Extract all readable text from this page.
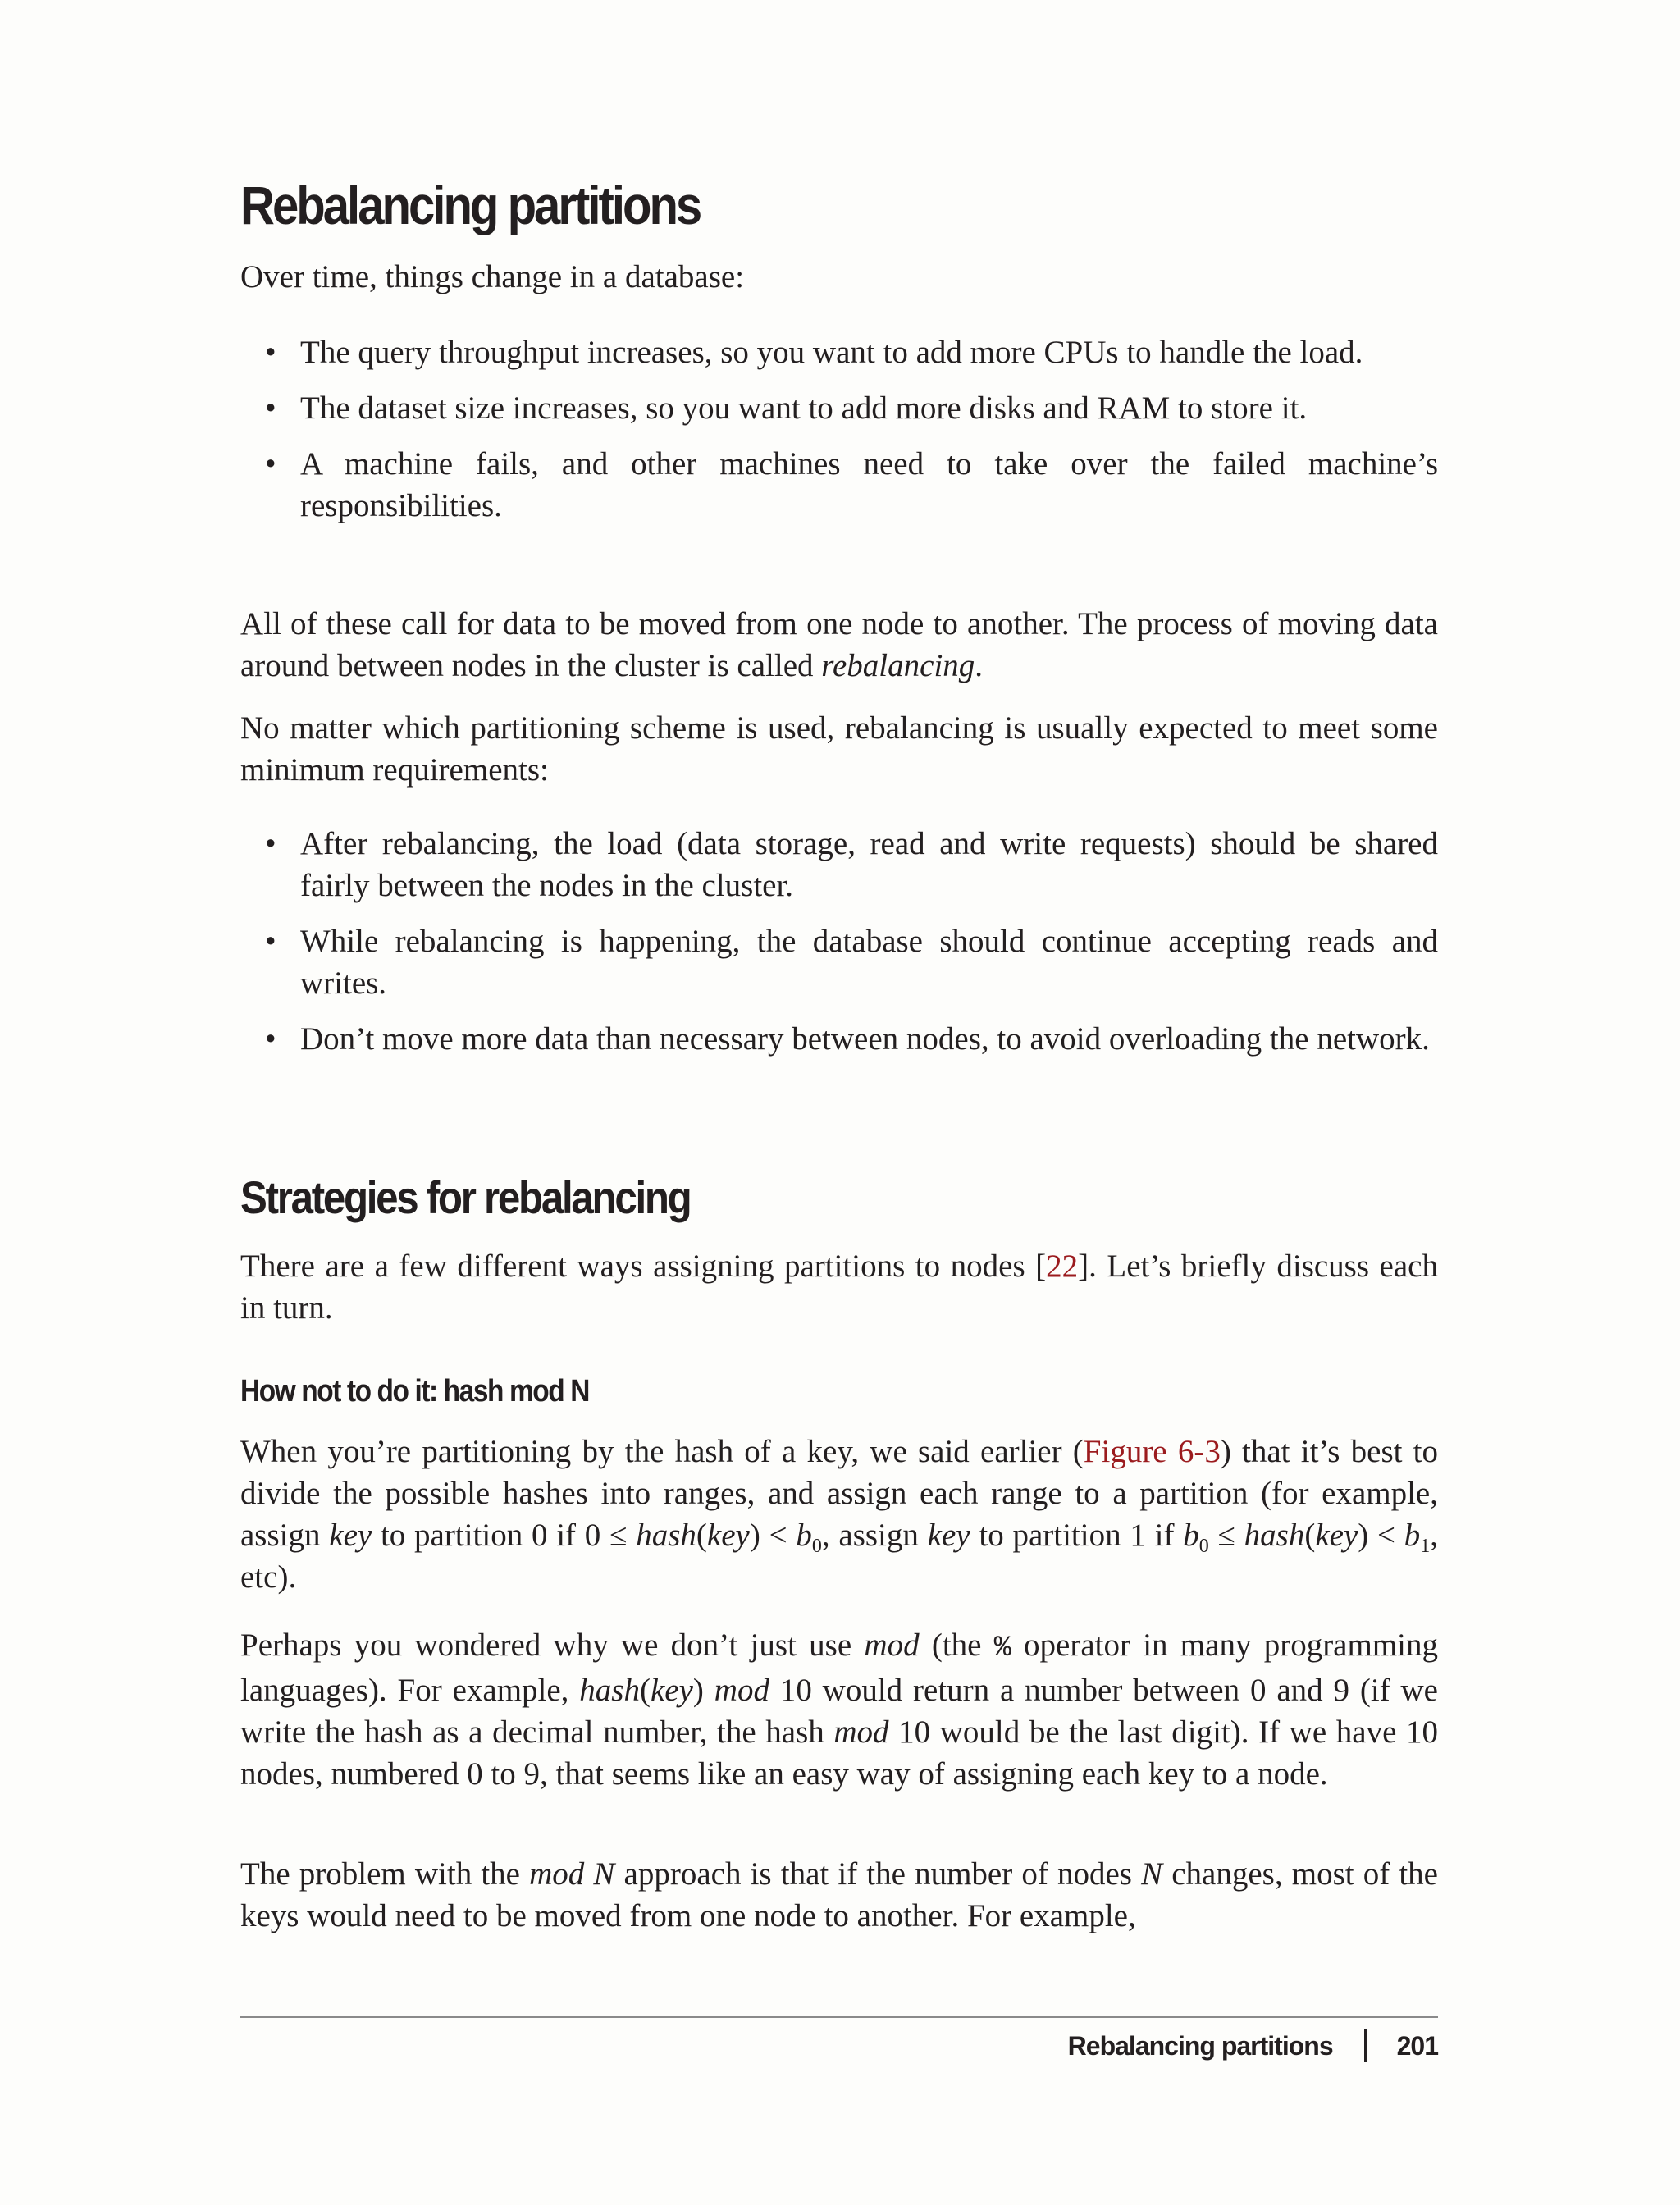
Rebalancing partitions

Over time, things change in a database:

• The query throughput increases, so you want to add more CPUs to handle the load.
• The dataset size increases, so you want to add more disks and RAM to store it.
• A machine fails, and other machines need to take over the failed machine’s responsibilities.

All of these call for data to be moved from one node to another. The process of moving data around between nodes in the cluster is called rebalancing.

No matter which partitioning scheme is used, rebalancing is usually expected to meet some minimum requirements:

• After rebalancing, the load (data storage, read and write requests) should be shared fairly between the nodes in the cluster.
• While rebalancing is happening, the database should continue accepting reads and writes.
• Don’t move more data than necessary between nodes, to avoid overloading the network.
Strategies for rebalancing

There are a few different ways assigning partitions to nodes [22]. Let’s briefly discuss each in turn.

How not to do it: hash mod N

When you’re partitioning by the hash of a key, we said earlier (Figure 6-3) that it’s best to divide the possible hashes into ranges, and assign each range to a partition (for example, assign key to partition 0 if 0 ≤ hash(key) < $b_0$, assign key to partition 1 if $b_0$ ≤ hash(key) < $b_1$, etc).

Perhaps you wondered why we don’t just use mod (the % operator in many programming languages). For example, hash(key) mod 10 would return a number between 0 and 9 (if we write the hash as a decimal number, the hash mod 10 would be the last digit). If we have 10 nodes, numbered 0 to 9, that seems like an easy way of assigning each key to a node.

The problem with the mod N approach is that if the number of nodes N changes, most of the keys would need to be moved from one node to another. For example,

Rebalancing partitions 201
